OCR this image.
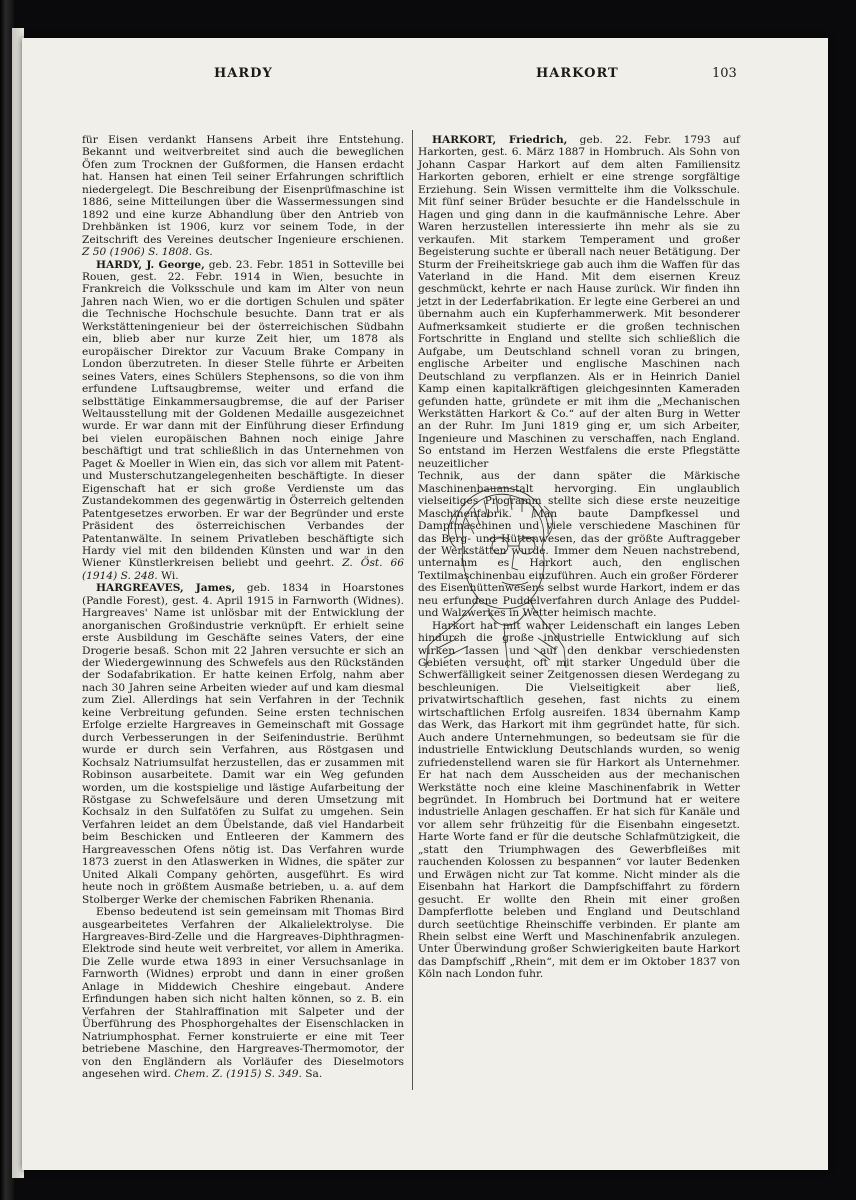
HARDY	HARKORT	103

für Eisen verdankt Hansens Arbeit ihre Entstehung. Bekannt und weitverbreitet sind auch die beweglichen Öfen zum Trocknen der Gußformen, die Hansen erdacht hat. Hansen hat einen Teil seiner Erfahrungen schriftlich niedergelegt. Die Beschreibung der Eisenprüfmaschine ist 1886, seine Mitteilungen über die Wassermessungen sind 1892 und eine kurze Abhandlung über den Antrieb von Drehbänken ist 1906, kurz vor seinem Tode, in der Zeitschrift des Vereines deutscher Ingenieure erschienen. Z 50 (1906) S. 1808. Gs.

HARDY, J. George, geb. 23. Febr. 1851 in Sotteville bei Rouen, gest. 22. Febr. 1914 in Wien, besuchte in Frankreich die Volksschule und kam im Alter von neun Jahren nach Wien, wo er die dortigen Schulen und später die Technische Hochschule besuchte. Dann trat er als Werkstätteningenieur bei der österreichischen Südbahn ein, blieb aber nur kurze Zeit hier, um 1878 als europäischer Direktor zur Vacuum Brake Company in London überzutreten. In dieser Stelle führte er Arbeiten seines Vaters, eines Schülers Stephensons, so die von ihm erfundene Luftsaugbremse, weiter und erfand die selbsttätige Einkammersaugbremse, die auf der Pariser Weltausstellung mit der Goldenen Medaille ausgezeichnet wurde. Er war dann mit der Einführung dieser Erfindung bei vielen europäischen Bahnen noch einige Jahre beschäftigt und trat schließlich in das Unternehmen von Paget & Moeller in Wien ein, das sich vor allem mit Patent- und Musterschutzangelegenheiten beschäftigte. In dieser Eigenschaft hat er sich große Verdienste um das Zustandekommen des gegenwärtig in Österreich geltenden Patentgesetzes erworben. Er war der Begründer und erste Präsident des österreichischen Verbandes der Patentanwälte. In seinem Privatleben beschäftigte sich Hardy viel mit den bildenden Künsten und war in den Wiener Künstlerkreisen beliebt und geehrt. Z. Öst. 66 (1914) S. 248. Wi.

HARGREAVES, James, geb. 1834 in Hoarstones (Pandle Forest), gest. 4. April 1915 in Farnworth (Widnes). Hargreaves' Name ist unlösbar mit der Entwicklung der anorganischen Großindustrie verknüpft. Er erhielt seine erste Ausbildung im Geschäfte seines Vaters, der eine Drogerie besaß. Schon mit 22 Jahren versuchte er sich an der Wiedergewinnung des Schwefels aus den Rückständen der Sodafabrikation. Er hatte keinen Erfolg, nahm aber nach 30 Jahren seine Arbeiten wieder auf und kam diesmal zum Ziel. Allerdings hat sein Verfahren in der Technik keine Verbreitung gefunden. Seine ersten technischen Erfolge erzielte Hargreaves in Gemeinschaft mit Gossage durch Verbesserungen in der Seifenindustrie. Berühmt wurde er durch sein Verfahren, aus Röstgasen und Kochsalz Natriumsulfat herzustellen, das er zusammen mit Robinson ausarbeitete. Damit war ein Weg gefunden worden, um die kostspielige und lästige Aufarbeitung der Röstgase zu Schwefelsäure und deren Umsetzung mit Kochsalz in den Sulfatöfen zu Sulfat zu umgehen. Sein Verfahren leidet an dem Übelstande, daß viel Handarbeit beim Beschicken und Entleeren der Kammern des Hargreavesschen Ofens nötig ist. Das Verfahren wurde 1873 zuerst in den Atlaswerken in Widnes, die später zur United Alkali Company gehörten, ausgeführt. Es wird heute noch in größtem Ausmaße betrieben, u. a. auf dem Stolberger Werke der chemischen Fabriken Rhenania.

Ebenso bedeutend ist sein gemeinsam mit Thomas Bird ausgearbeitetes Verfahren der Alkalielektrolyse. Die Hargreaves-Bird-Zelle und die Hargreaves-Diphthragmen-Elektrode sind heute weit verbreitet, vor allem in Amerika. Die Zelle wurde etwa 1893 in einer Versuchsanlage in Farnworth (Widnes) erprobt und dann in einer großen Anlage in Middewich Cheshire eingebaut. Andere Erfindungen haben sich nicht halten können, so z. B. ein Verfahren der Stahlraffination mit Salpeter und der Überführung des Phosphorgehaltes der Eisenschlacken in Natriumphosphat. Ferner konstruierte er eine mit Teer betriebene Maschine, den Hargreaves-Thermomotor, der von den Engländern als Vorläufer des Dieselmotors angesehen wird. Chem. Z. (1915) S. 349. Sa.

HARKORT, Friedrich, geb. 22. Febr. 1793 auf Harkorten, gest. 6. März 1887 in Hombruch. Als Sohn von Johann Caspar Harkort auf dem alten Familiensitz Harkorten geboren, erhielt er eine strenge sorgfältige Erziehung. Sein Wissen vermittelte ihm die Volksschule. Mit fünf seiner Brüder besuchte er die Handelsschule in Hagen und ging dann in die kaufmännische Lehre. Aber Waren herzustellen interessierte ihn mehr als sie zu verkaufen. Mit starkem Temperament und großer Begeisterung suchte er überall nach neuer Betätigung. Der Sturm der Freiheitskriege gab auch ihm die Waffen für das Vaterland in die Hand. Mit dem eisernen Kreuz geschmückt, kehrte er nach Hause zurück. Wir finden ihn jetzt in der Lederfabrikation. Er legte eine Gerberei an und übernahm auch ein Kupferhammerwerk. Mit besonderer Aufmerksamkeit studierte er die großen technischen Fortschritte in England und stellte sich schließlich die Aufgabe, um Deutschland schnell voran zu bringen, englische Arbeiter und englische Maschinen nach Deutschland zu verpflanzen. Als er in Heinrich Daniel Kamp einen kapitalkräftigen gleichgesinnten Kameraden gefunden hatte, gründete er mit ihm die „Mechanischen Werkstätten Harkort & Co.“ auf der alten Burg in Wetter an der Ruhr. Im Juni 1819 ging er, um sich Arbeiter, Ingenieure und Maschinen zu verschaffen, nach England. So entstand im Herzen Westfalens die erste Pflegstätte neuzeitlicher

Technik, aus der dann später die Märkische Maschinenbauanstalt hervorging. Ein unglaublich vielseitiges Programm stellte sich diese erste neuzeitige Maschinenfabrik. Man baute Dampfkessel und Dampfmaschinen und viele verschiedene Maschinen für das Berg- und Hüttenwesen, das der größte Auftraggeber der Werkstätten wurde. Immer dem Neuen nachstrebend, unternahm es Harkort auch, den englischen Textilmaschinenbau einzuführen. Auch ein großer Förderer

des Eisenhüttenwesens selbst wurde Harkort, indem er das neu erfundene Puddelverfahren durch Anlage des Puddel- und Walzwerkes in Wetter heimisch machte.

Harkort hat mit wahrer Leidenschaft ein langes Leben hindurch die große industrielle Entwicklung auf sich wirken lassen und auf den denkbar verschiedensten Gebieten versucht, oft mit starker Ungeduld über die Schwerfälligkeit seiner Zeitgenossen diesen Werdegang zu beschleunigen. Die Vielseitigkeit aber ließ, privatwirtschaftlich gesehen, fast nichts zu einem wirtschaftlichen Erfolg ausreifen. 1834 übernahm Kamp das Werk, das Harkort mit ihm gegründet hatte, für sich. Auch andere Unternehmungen, so bedeutsam sie für die industrielle Entwicklung Deutschlands wurden, so wenig zufriedenstellend waren sie für Harkort als Unternehmer. Er hat nach dem Ausscheiden aus der mechanischen Werkstätte noch eine kleine Maschinenfabrik in Wetter begründet. In Hombruch bei Dortmund hat er weitere industrielle Anlagen geschaffen. Er hat sich für Kanäle und vor allem sehr frühzeitig für die Eisenbahn eingesetzt. Harte Worte fand er für die deutsche Schlafmützigkeit, die „statt den Triumphwagen des Gewerbfleißes mit rauchenden Kolossen zu bespannen“ vor lauter Bedenken und Erwägen nicht zur Tat komme. Nicht minder als die Eisenbahn hat Harkort die Dampfschiffahrt zu fördern gesucht. Er wollte den Rhein mit einer großen Dampferflotte beleben und England und Deutschland durch seetüchtige Rheinschiffe verbinden. Er plante am Rhein selbst eine Werft und Maschinenfabrik anzulegen. Unter Überwindung großer Schwierigkeiten baute Harkort das Dampfschiff „Rhein“, mit dem er im Oktober 1837 von Köln nach London fuhr.
